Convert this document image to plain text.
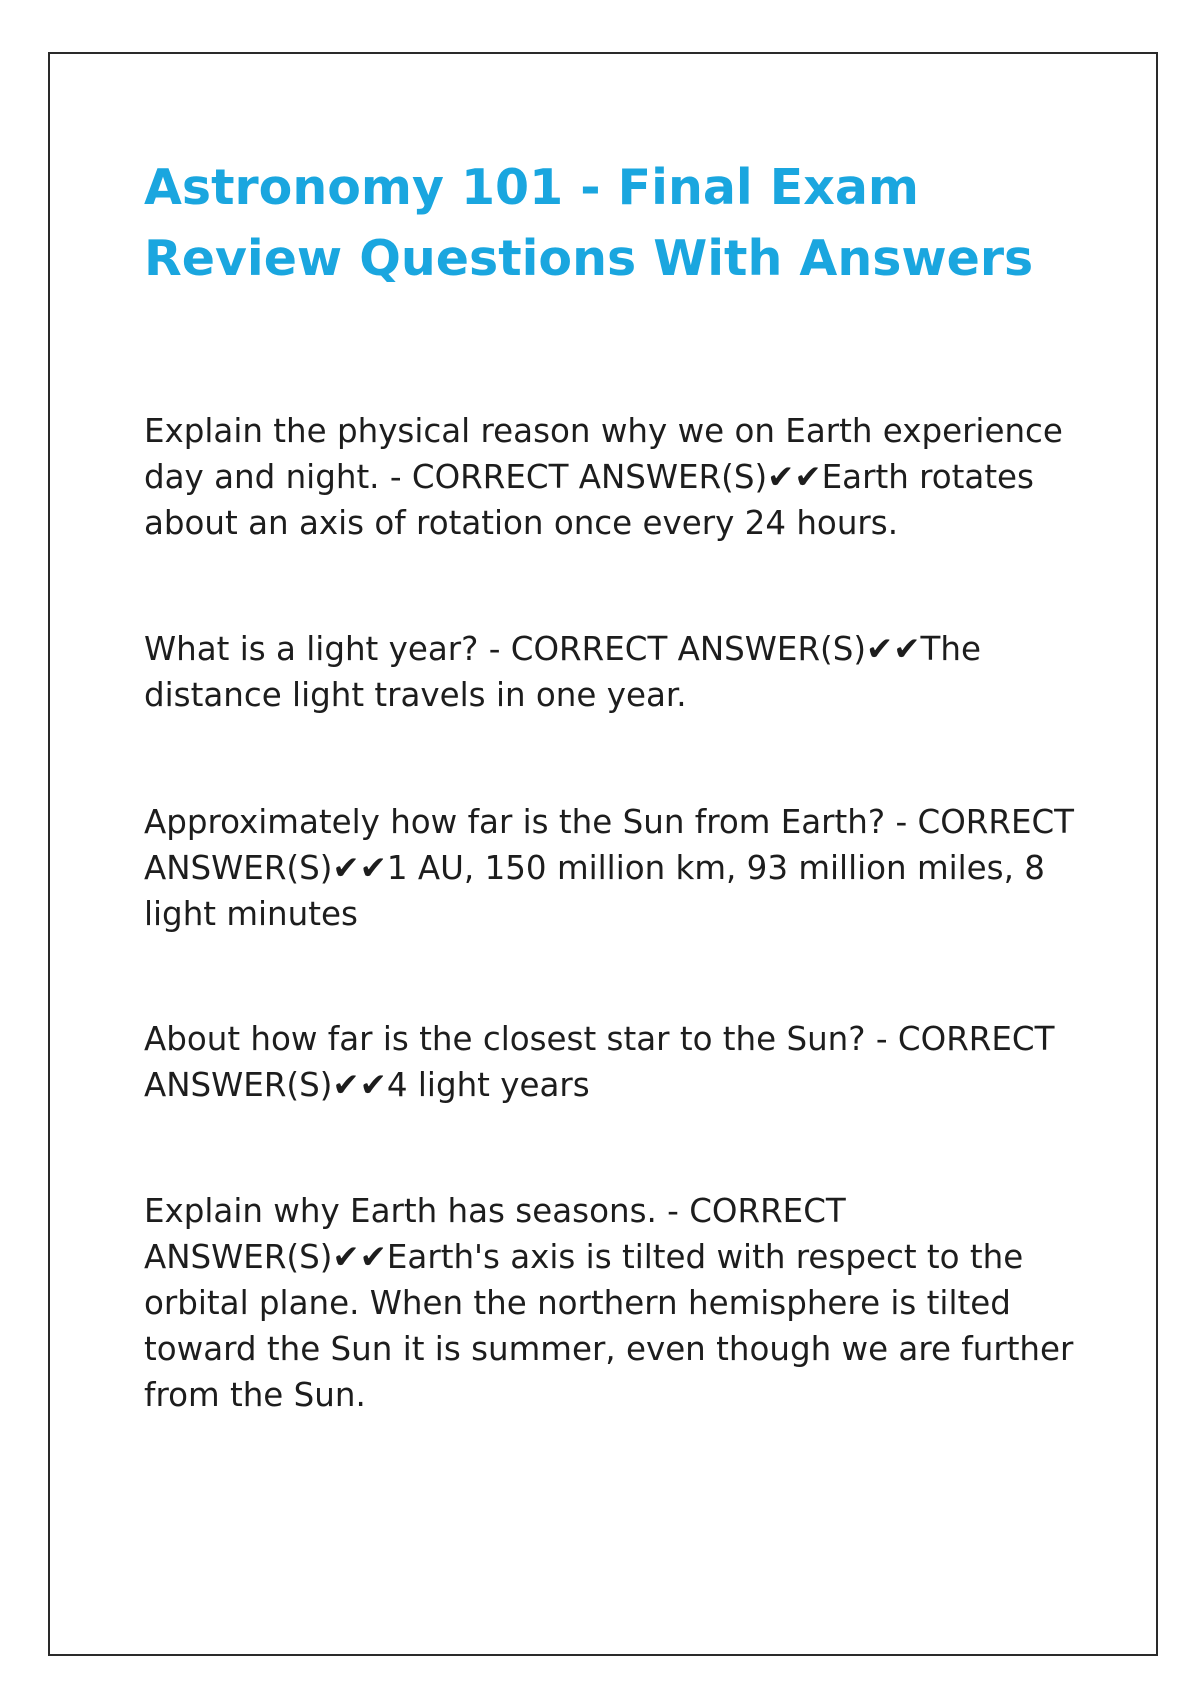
Astronomy 101 - Final Exam Review Questions With Answers

Explain the physical reason why we on Earth experience day and night. - CORRECT ANSWER(S)✔✔Earth rotates about an axis of rotation once every 24 hours.

What is a light year? - CORRECT ANSWER(S)✔✔The distance light travels in one year.

Approximately how far is the Sun from Earth? - CORRECT ANSWER(S)✔✔1 AU, 150 million km, 93 million miles, 8 light minutes

About how far is the closest star to the Sun? - CORRECT ANSWER(S)✔✔4 light years

Explain why Earth has seasons. - CORRECT ANSWER(S)✔✔Earth's axis is tilted with respect to the orbital plane. When the northern hemisphere is tilted toward the Sun it is summer, even though we are further from the Sun.
